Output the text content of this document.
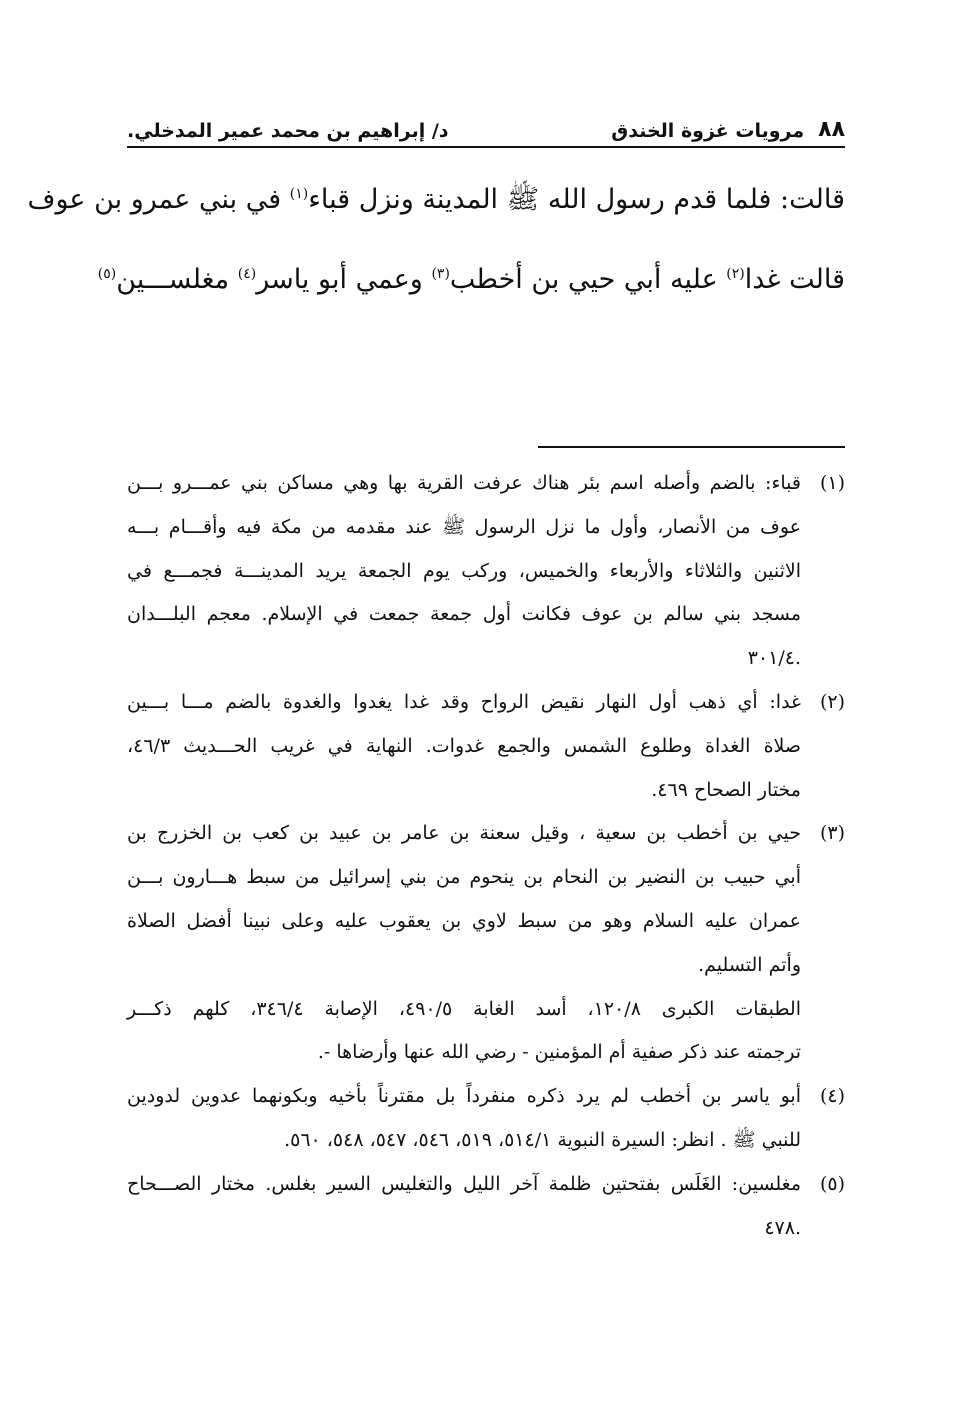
٨٨
مرويات غزوة الخندق
د/ إبراهيم بن محمد عمير المدخلي.
قالت: فلما قدم رسول الله ﷺ المدينة ونزل قباء$^{(١)}$ في بني عمرو بن عوف
قالت غدا$^{(٢)}$ عليه أبي حيي بن أخطب$^{(٣)}$ وعمي أبو ياسر$^{(٤)}$ مغلســـين$^{(٥)}$
(١)
قباء: بالضم وأصله اسم بئر هناك عرفت القرية بها وهي مساكن بني عمـــرو بـــن
عوف من الأنصار، وأول ما نزل الرسول ﷺ عند مقدمه من مكة فيه وأقـــام بـــه
الاثنين والثلاثاء والأربعاء والخميس، وركب يوم الجمعة يريد المدينـــة فجمـــع في
مسجد بني سالم بن عوف فكانت أول جمعة جمعت في الإسلام. معجم البلـــدان
.٣٠١/٤
(٢)
غدا: أي ذهب أول النهار نقيض الرواح وقد غدا يغدوا والغدوة بالضم مـــا بـــين
صلاة الغداة وطلوع الشمس والجمع غدوات. النهاية في غريب الحـــديث ٤٦/٣،
مختار الصحاح ٤٦٩.
(٣)
حيي بن أخطب بن سعية ، وقيل سعنة بن عامر بن عبيد بن كعب بن الخزرج بن
أبي حبيب بن النضير بن النحام بن ينحوم من بني إسرائيل من سبط هـــارون بـــن
عمران عليه السلام وهو من سبط لاوي بن يعقوب عليه وعلى نبينا أفضل الصلاة
وأتم التسليم.
الطبقات الكبرى ١٢٠/٨، أسد الغابة ٤٩٠/٥، الإصابة ٣٤٦/٤، كلهم ذكـــر
ترجمته عند ذكر صفية أم المؤمنين - رضي الله عنها وأرضاها -.
(٤)
أبو ياسر بن أخطب لم يرد ذكره منفرداً بل مقترناً بأخيه وبكونهما عدوين لدودين
للنبي ﷺ . انظر: السيرة النبوية ٥١٤/١، ٥١٩، ٥٤٦، ٥٤٧، ٥٤٨، ٥٦٠.
(٥)
مغلسين: الغَلَس بفتحتين ظلمة آخر الليل والتغليس السير بغلس. مختار الصـــحاح
.٤٧٨
